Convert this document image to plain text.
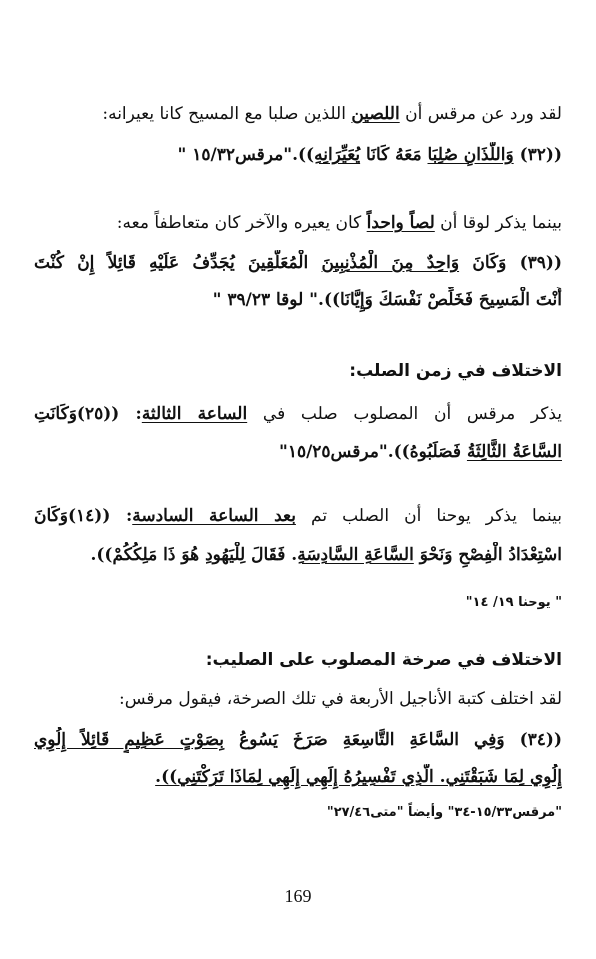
لقد ورد عن مرقس أن اللصين اللذين صلبا مع المسيح كانا يعيرانه:
((٣٢) وَاللَّذَانِ صُلِبَا مَعَهُ كَانَا يُعَيِّرَانِهِ))."مرقس١٥/٣٢ "
بينما يذكر لوقا أن لصاً واحداً كان يعيره والآخر كان متعاطفاً معه:
((٣٩) وَكَانَ وَاحِدٌ مِنَ الْمُذْنِبِينَ الْمُعَلَّقِينَ يُجَدِّفُ عَلَيْهِ قَائِلاً إِنْ كُنْتَ
أَنْتَ الْمَسِيحَ فَخَلِّصْ نَفْسَكَ وَإِيَّانَا))." لوقا ٣٩/٢٣ "
الاختلاف في زمن الصلب:
يذكر مرقس أن المصلوب صلب في الساعة الثالثة: ((٢٥)وَكَانَتِ
السَّاعَةُ الثَّالِثَةُ فَصَلَبُوهُ))."مرقس١٥/٢٥"
بينما يذكر يوحنا أن الصلب تم بعد الساعة السادسة: ((١٤)وَكَانَ
اسْتِعْدَادُ الْفِصْحِ وَنَحْوَ السَّاعَةِ السَّادِسَةِ. فَقَالَ لِلْيَهُودِ هُوَ ذَا مَلِكُكُمْ)).
" يوحنا ١٩/ ١٤"
الاختلاف في صرخة المصلوب على الصليب:
لقد اختلف كتبة الأناجيل الأربعة في تلك الصرخة، فيقول مرقس:
((٣٤) وَفِي السَّاعَةِ التَّاسِعَةِ صَرَخَ يَسُوعُ بِصَوْتٍ عَظِيمٍ قَائِلاً إِلُوِي
إِلُوِي لِمَا شَبَقْتَنِي. الَّذِي تَفْسِيرُهُ إِلَهِي إِلَهِي لِمَاذَا تَرَكْتَنِي)).
"مرقس١٥/٣٣-٣٤" وأيضاً "متى٢٧/٤٦"
169
